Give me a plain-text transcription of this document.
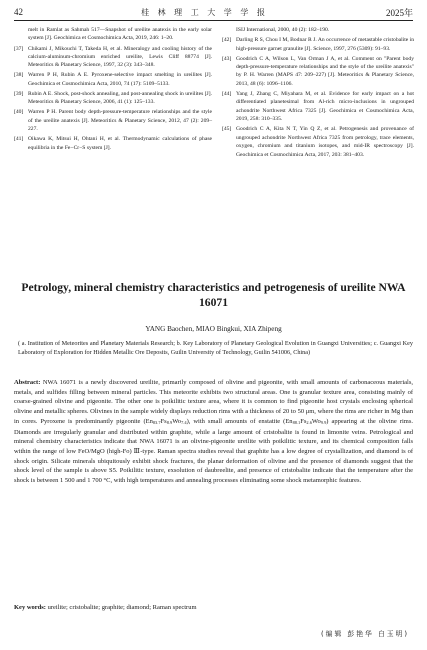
42	桂 林 理 工 大 学 学 报	2025年
melt in Ramlat as Sahmah 517—Snapshot of ureilite anatexis in the early solar system [J]. Geochimica et Cosmochimica Acta, 2019, 246: 1–20.
[37] Chikami J, Mikouchi T, Takeda H, et al. Mineralogy and cooling history of the calcium-aluminum-chromium enriched ureilite, Lewis Cliff 88774 [J]. Meteoritics & Planetary Science, 1997, 32 (3): 343–348.
[38] Warren P H, Rubin A E. Pyroxene-selective impact smelting in ureilites [J]. Geochimica et Cosmochimica Acta, 2010, 74 (17): 5109–5133.
[39] Rubin A E. Shock, post-shock annealing, and post-annealing shock in ureilites [J]. Meteoritics & Planetary Science, 2006, 41 (1): 125–133.
[40] Warren P H. Parent body depth-pressure-temperature relationships and the style of the ureilite anatexis [J]. Meteoritics & Planetary Science, 2012, 47 (2): 209–227.
[41] Oikawa K, Mitsui H, Ohtani H, et al. Thermodynamic calculations of phase equilibria in the Fe−Cr−S system [J].
ISIJ International, 2000, 40 (2): 182–190.
[42] Darling R S, Chou I M, Bodnar R J. An occurrence of metastable cristobalite in high-pressure garnet granulite [J]. Science, 1997, 276 (5309): 91–93.
[43] Goodrich C A, Wilson L, Van Orman J A, et al. Comment on "Parent body depth-pressure-temperature relationships and the style of the ureilite anatexis" by P. H. Warren (MAPS 47: 209–227) [J]. Meteoritics & Planetary Science, 2013, 48 (6): 1096–1106.
[44] Yang J, Zhang C, Miyahara M, et al. Evidence for early impact on a hot differentiated planetesimal from Al-rich micro-inclusions in ungrouped achondrite Northwest Africa 7325 [J]. Geochimica et Cosmochimica Acta, 2019, 258: 310–335.
[45] Goodrich C A, Kita N T, Yin Q Z, et al. Petrogenesis and provenance of ungrouped achondrite Northwest Africa 7325 from petrology, trace elements, oxygen, chromium and titanium isotopes, and mid-IR spectroscopy [J]. Geochimica et Cosmochimica Acta, 2017, 203: 381–403.
Petrology, mineral chemistry characteristics and petrogenesis of ureilite NWA 16071
YANG Baochen, MIAO Bingkui, XIA Zhipeng
( a. Institution of Meteorites and Planetary Materials Research; b. Key Laboratory of Planetary Geological Evolution in Guangxi Universities; c. Guangxi Key Laboratory of Exploration for Hidden Metallic Ore Deposits, Guilin University of Technology, Guilin 541006, China)
Abstract: NWA 16071 is a newly discovered ureilite, primarily composed of olivine and pigeonite, with small amounts of carbonaceous materials, metals, and sulfides filling between mineral particles. This meteorite exhibits two structural areas. One is granular texture area, consisting mainly of coarse-grained olivine and pigeonite. The other one is poikilitic texture area, where it is common to find pigeonite host crystals enclosing spherical olivine and metallic spheres. Olivines in the sample widely displays reduction rims with a thickness of 20 to 50 μm, where the rims are richer in Mg than in cores. Pyroxene is predominantly pigeonite $(En_{83.7}Fs_{8.9}Wo_{7.4})$, with small amounts of enstatite $(En_{88.1}Fs_{2.6}Wo_{9.9})$ appearing at the olivine rims. Diamonds are irregularly granular and distributed within graphite, while a large amount of cristobalite is found in limonite veins. Petrological and mineral chemistry characteristics indicate that NWA 16071 is an olivine-pigeonite ureilite with poikilitic texture, and its chemical composition falls within the range of low FeO/MgO (high-Fo) Ⅲ-type. Raman spectra studies reveal that graphite has a low degree of crystallization, and diamond is of shock origin. Silicate minerals ubiquitously exhibit shock fractures, the planar deformation of olivine and the presence of diamonds suggest that the shock level of the sample is above S5. Poikilitic texture, exsolution of daubreelite, and presence of cristobalite indicate that the temperature after the shock is between 1 500 and 1 700 °C, with high temperatures and annealing processes eliminating some shock metamorphic features.
Key words: ureilite; cristobalite; graphite; diamond; Raman spectrum
(编辑 彭艳华 白玉明)
